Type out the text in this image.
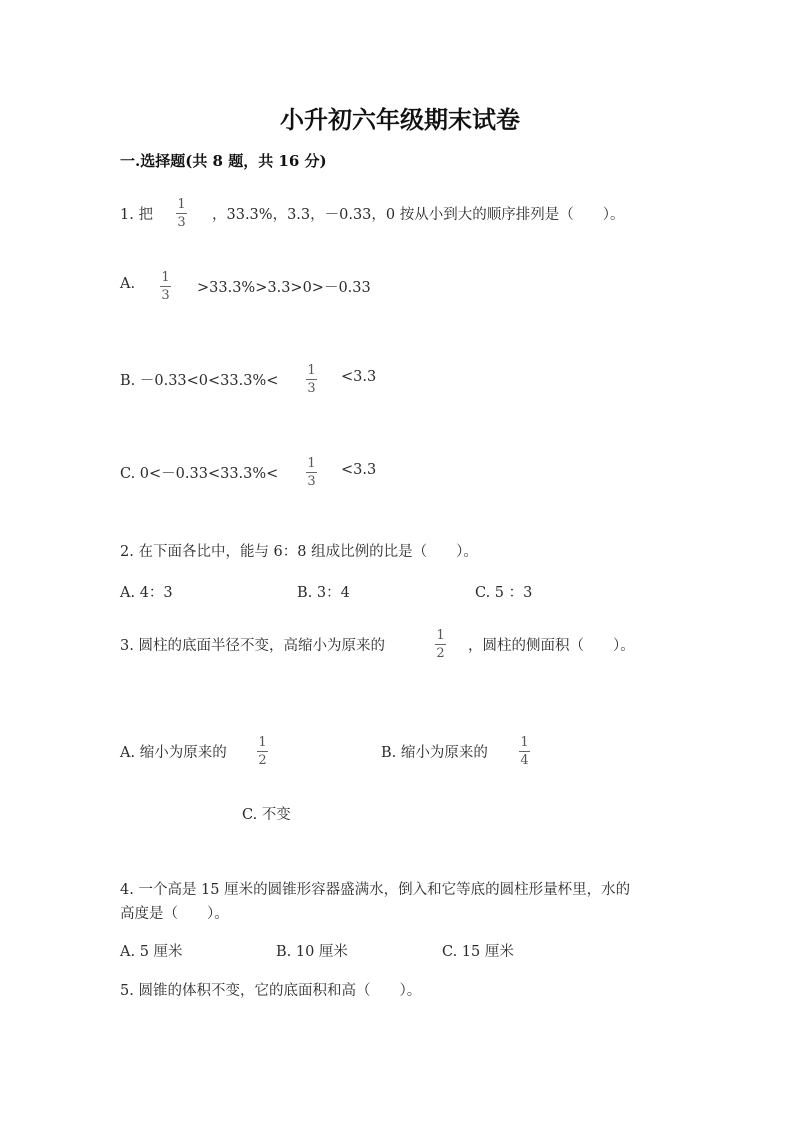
小升初六年级期末试卷
一.选择题(共 8 题，共 16 分)
1. 把
1
3 ，33.3%，3.3，－0.33，0 按从小到大的顺序排列是（　　）。
A. 1
3 >33.3%>3.3>0>－0.33
B. －0.33<0<33.3%<
1
3
<3.3
C. 0<－0.33<33.3%<
1
3
<3.3
2. 在下面各比中，能与 6：8 组成比例的比是（　　）。
A. 4：3	B. 3：4	C. 5 ：3
3. 圆柱的底面半径不变，高缩小为原来的
1
2 ，圆柱的侧面积（　　）。
A. 缩小为原来的
1
2	B. 缩小为原来的
1
4
C. 不变
4. 一个高是 15 厘米的圆锥形容器盛满水，倒入和它等底的圆柱形量杯里，水的
高度是（　　）。
A. 5 厘米	B. 10 厘米	C. 15 厘米
5. 圆锥的体积不变，它的底面积和高（　　）。
